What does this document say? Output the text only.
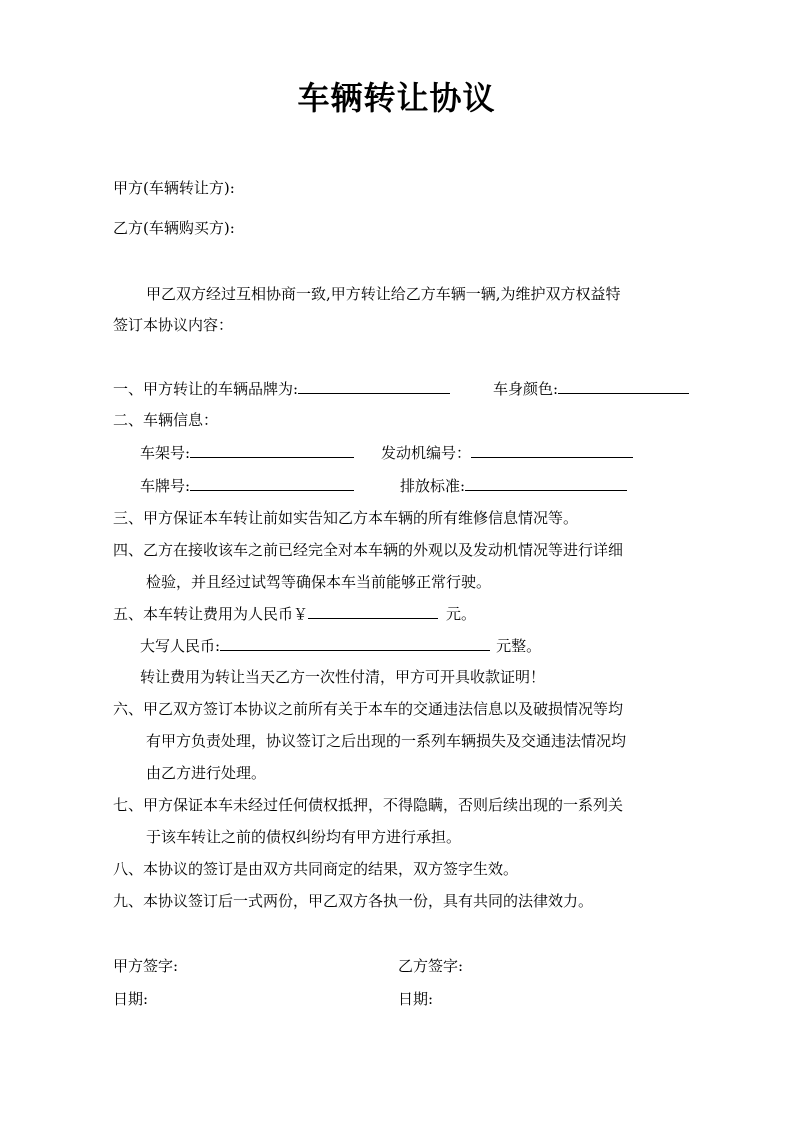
车辆转让协议
甲方(车辆转让方):
乙方(车辆购买方):
甲乙双方经过互相协商一致,甲方转让给乙方车辆一辆,为维护双方权益特
签订本协议内容：
一、甲方转让的车辆品牌为:	车身颜色:
二、车辆信息：
车架号:	发动机编号：
车牌号:	排放标准:
三、甲方保证本车转让前如实告知乙方本车辆的所有维修信息情况等。
四、乙方在接收该车之前已经完全对本车辆的外观以及发动机情况等进行详细
检验，并且经过试驾等确保本车当前能够正常行驶。
五、本车转让费用为人民币￥	元。
大写人民币:	元整。
转让费用为转让当天乙方一次性付清，甲方可开具收款证明！
六、甲乙双方签订本协议之前所有关于本车的交通违法信息以及破损情况等均
有甲方负责处理，协议签订之后出现的一系列车辆损失及交通违法情况均
由乙方进行处理。
七、甲方保证本车未经过任何债权抵押，不得隐瞒，否则后续出现的一系列关
于该车转让之前的债权纠纷均有甲方进行承担。
八、本协议的签订是由双方共同商定的结果，双方签字生效。
九、本协议签订后一式两份，甲乙双方各执一份，具有共同的法律效力。
甲方签字:	乙方签字:
日期:	日期:
